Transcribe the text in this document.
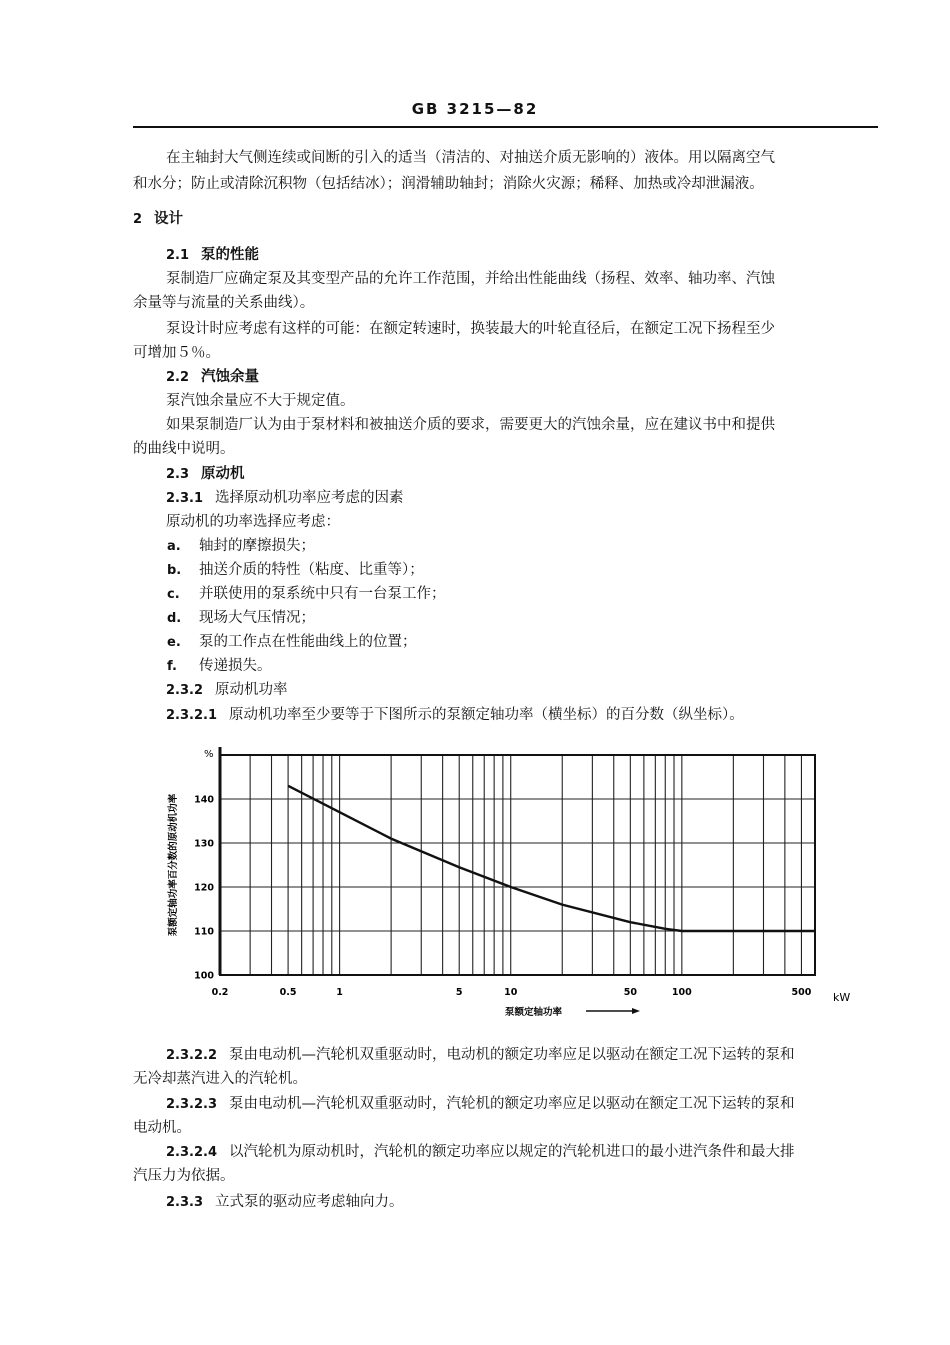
GB 3215—82

在主轴封大气侧连续或间断的引入的适当（清洁的、对抽送介质无影响的）液体。用以隔离空气

和水分；防止或清除沉积物（包括结冰）；润滑辅助轴封；消除火灾源；稀释、加热或冷却泄漏液。

2 设计

2.1 泵的性能

泵制造厂应确定泵及其变型产品的允许工作范围，并给出性能曲线（扬程、效率、轴功率、汽蚀

余量等与流量的关系曲线）。

泵设计时应考虑有这样的可能：在额定转速时，换装最大的叶轮直径后，在额定工况下扬程至少

可增加５％。

2.2 汽蚀余量

泵汽蚀余量应不大于规定值。

如果泵制造厂认为由于泵材料和被抽送介质的要求，需要更大的汽蚀余量，应在建议书中和提供

的曲线中说明。

2.3 原动机

2.3.1 选择原动机功率应考虑的因素

原动机的功率选择应考虑：

a. 轴封的摩擦损失；
b. 抽送介质的特性（粘度、比重等）；
c. 并联使用的泵系统中只有一台泵工作；
d. 现场大气压情况；
e. 泵的工作点在性能曲线上的位置；
f. 传递损失。

2.3.2 原动机功率

2.3.2.1 原动机功率至少要等于下图所示的泵额定轴功率（横坐标）的百分数（纵坐标）。

0.2	0.5	1	5	10	50	100	500
100
110
120
130
140
%
kW
泵额定轴功率百分数的原动机功率
泵额定轴功率

2.3.2.2 泵由电动机—汽轮机双重驱动时，电动机的额定功率应足以驱动在额定工况下运转的泵和

无冷却蒸汽进入的汽轮机。

2.3.2.3 泵由电动机—汽轮机双重驱动时，汽轮机的额定功率应足以驱动在额定工况下运转的泵和

电动机。

2.3.2.4 以汽轮机为原动机时，汽轮机的额定功率应以规定的汽轮机进口的最小进汽条件和最大排

汽压力为依据。

2.3.3 立式泵的驱动应考虑轴向力。
